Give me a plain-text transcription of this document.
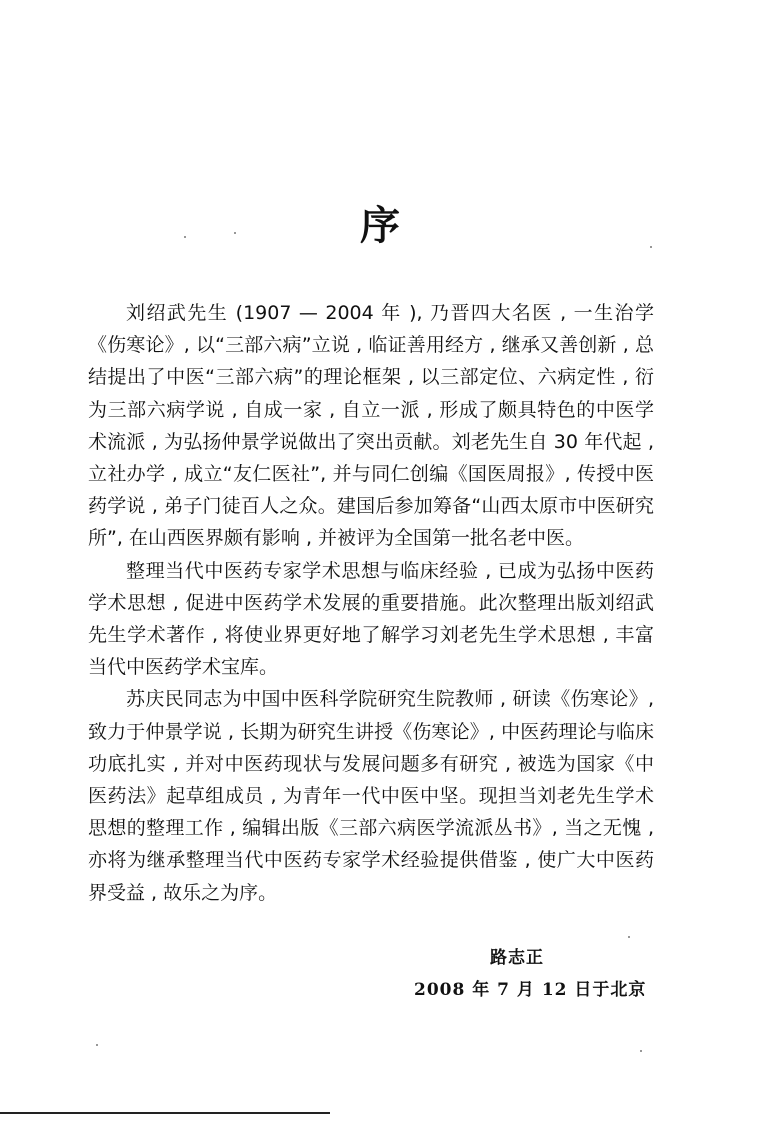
序

刘绍武先生 (1907 — 2004 年 ), 乃晋四大名医 , 一生治学《伤寒论》, 以“三部六病”立说 , 临证善用经方 , 继承又善创新 , 总结提出了中医“三部六病”的理论框架 , 以三部定位、六病定性 , 衍为三部六病学说 , 自成一家 , 自立一派 , 形成了颇具特色的中医学术流派 , 为弘扬仲景学说做出了突出贡献。刘老先生自 30 年代起 , 立社办学 , 成立“友仁医社”, 并与同仁创编《国医周报》, 传授中医药学说 , 弟子门徒百人之众。建国后参加筹备“山西太原市中医研究所”, 在山西医界颇有影响 , 并被评为全国第一批名老中医。

整理当代中医药专家学术思想与临床经验 , 已成为弘扬中医药学术思想 , 促进中医药学术发展的重要措施。此次整理出版刘绍武先生学术著作 , 将使业界更好地了解学习刘老先生学术思想 , 丰富当代中医药学术宝库。

苏庆民同志为中国中医科学院研究生院教师 , 研读《伤寒论》, 致力于仲景学说 , 长期为研究生讲授《伤寒论》, 中医药理论与临床功底扎实 , 并对中医药现状与发展问题多有研究 , 被选为国家《中医药法》起草组成员 , 为青年一代中医中坚。现担当刘老先生学术思想的整理工作 , 编辑出版《三部六病医学流派丛书》, 当之无愧 , 亦将为继承整理当代中医药专家学术经验提供借鉴 , 使广大中医药界受益 , 故乐之为序。

路志正
2008 年 7 月 12 日于北京
